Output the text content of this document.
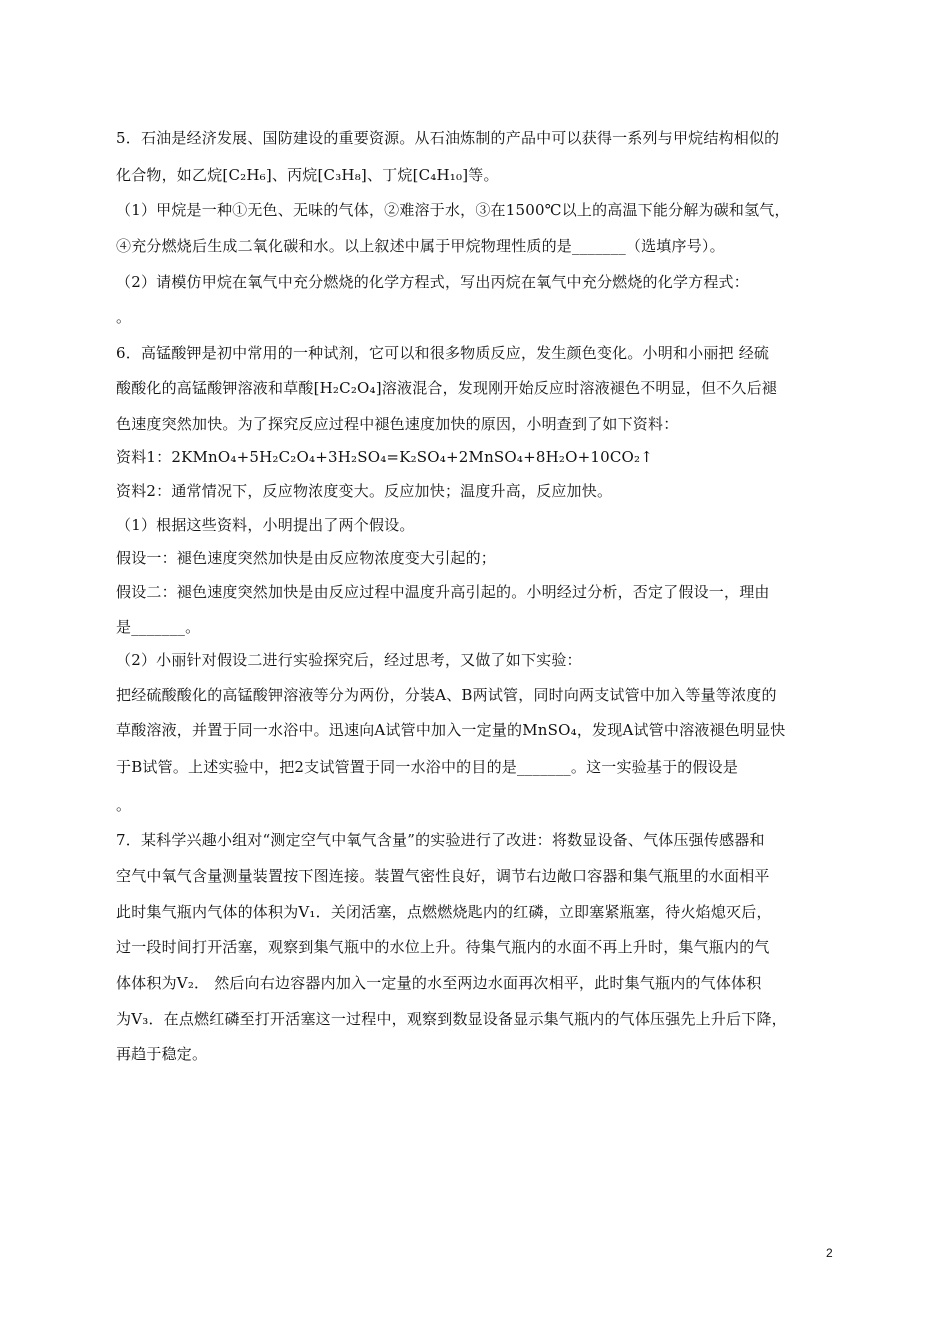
5．石油是经济发展、国防建设的重要资源。从石油炼制的产品中可以获得一系列与甲烷结构相似的
化合物，如乙烷[C₂H₆]、丙烷[C₃H₈]、丁烷[C₄H₁₀]等。
（1）甲烷是一种①无色、无味的气体，②难溶于水，③在1500℃以上的高温下能分解为碳和氢气，
④充分燃烧后生成二氧化碳和水。以上叙述中属于甲烷物理性质的是_______（选填序号）。
（2）请模仿甲烷在氧气中充分燃烧的化学方程式，写出丙烷在氧气中充分燃烧的化学方程式：
。
6．高锰酸钾是初中常用的一种试剂，它可以和很多物质反应，发生颜色变化。小明和小丽把 经硫
酸酸化的高锰酸钾溶液和草酸[H₂C₂O₄]溶液混合，发现刚开始反应时溶液褪色不明显，但不久后褪
色速度突然加快。为了探究反应过程中褪色速度加快的原因，小明查到了如下资料：
资料1：2KMnO₄+5H₂C₂O₄+3H₂SO₄=K₂SO₄+2MnSO₄+8H₂O+10CO₂↑
资料2：通常情况下，反应物浓度变大。反应加快；温度升高，反应加快。
（1）根据这些资料，小明提出了两个假设。
假设一：褪色速度突然加快是由反应物浓度变大引起的；
假设二：褪色速度突然加快是由反应过程中温度升高引起的。小明经过分析，否定了假设一，理由
是_______。
（2）小丽针对假设二进行实验探究后，经过思考，又做了如下实验：
把经硫酸酸化的高锰酸钾溶液等分为两份，分装A、B两试管，同时向两支试管中加入等量等浓度的
草酸溶液，并置于同一水浴中。迅速向A试管中加入一定量的MnSO₄，发现A试管中溶液褪色明显快
于B试管。上述实验中，把2支试管置于同一水浴中的目的是_______。这一实验基于的假设是
。
7．某科学兴趣小组对“测定空气中氧气含量”的实验进行了改进：将数显设备、气体压强传感器和
空气中氧气含量测量装置按下图连接。装置气密性良好，调节右边敞口容器和集气瓶里的水面相平
此时集气瓶内气体的体积为V₁．关闭活塞，点燃燃烧匙内的红磷，立即塞紧瓶塞，待火焰熄灭后，
过一段时间打开活塞，观察到集气瓶中的水位上升。待集气瓶内的水面不再上升时，集气瓶内的气
体体积为V₂． 然后向右边容器内加入一定量的水至两边水面再次相平，此时集气瓶内的气体体积
为V₃．在点燃红磷至打开活塞这一过程中，观察到数显设备显示集气瓶内的气体压强先上升后下降，
再趋于稳定。
2
